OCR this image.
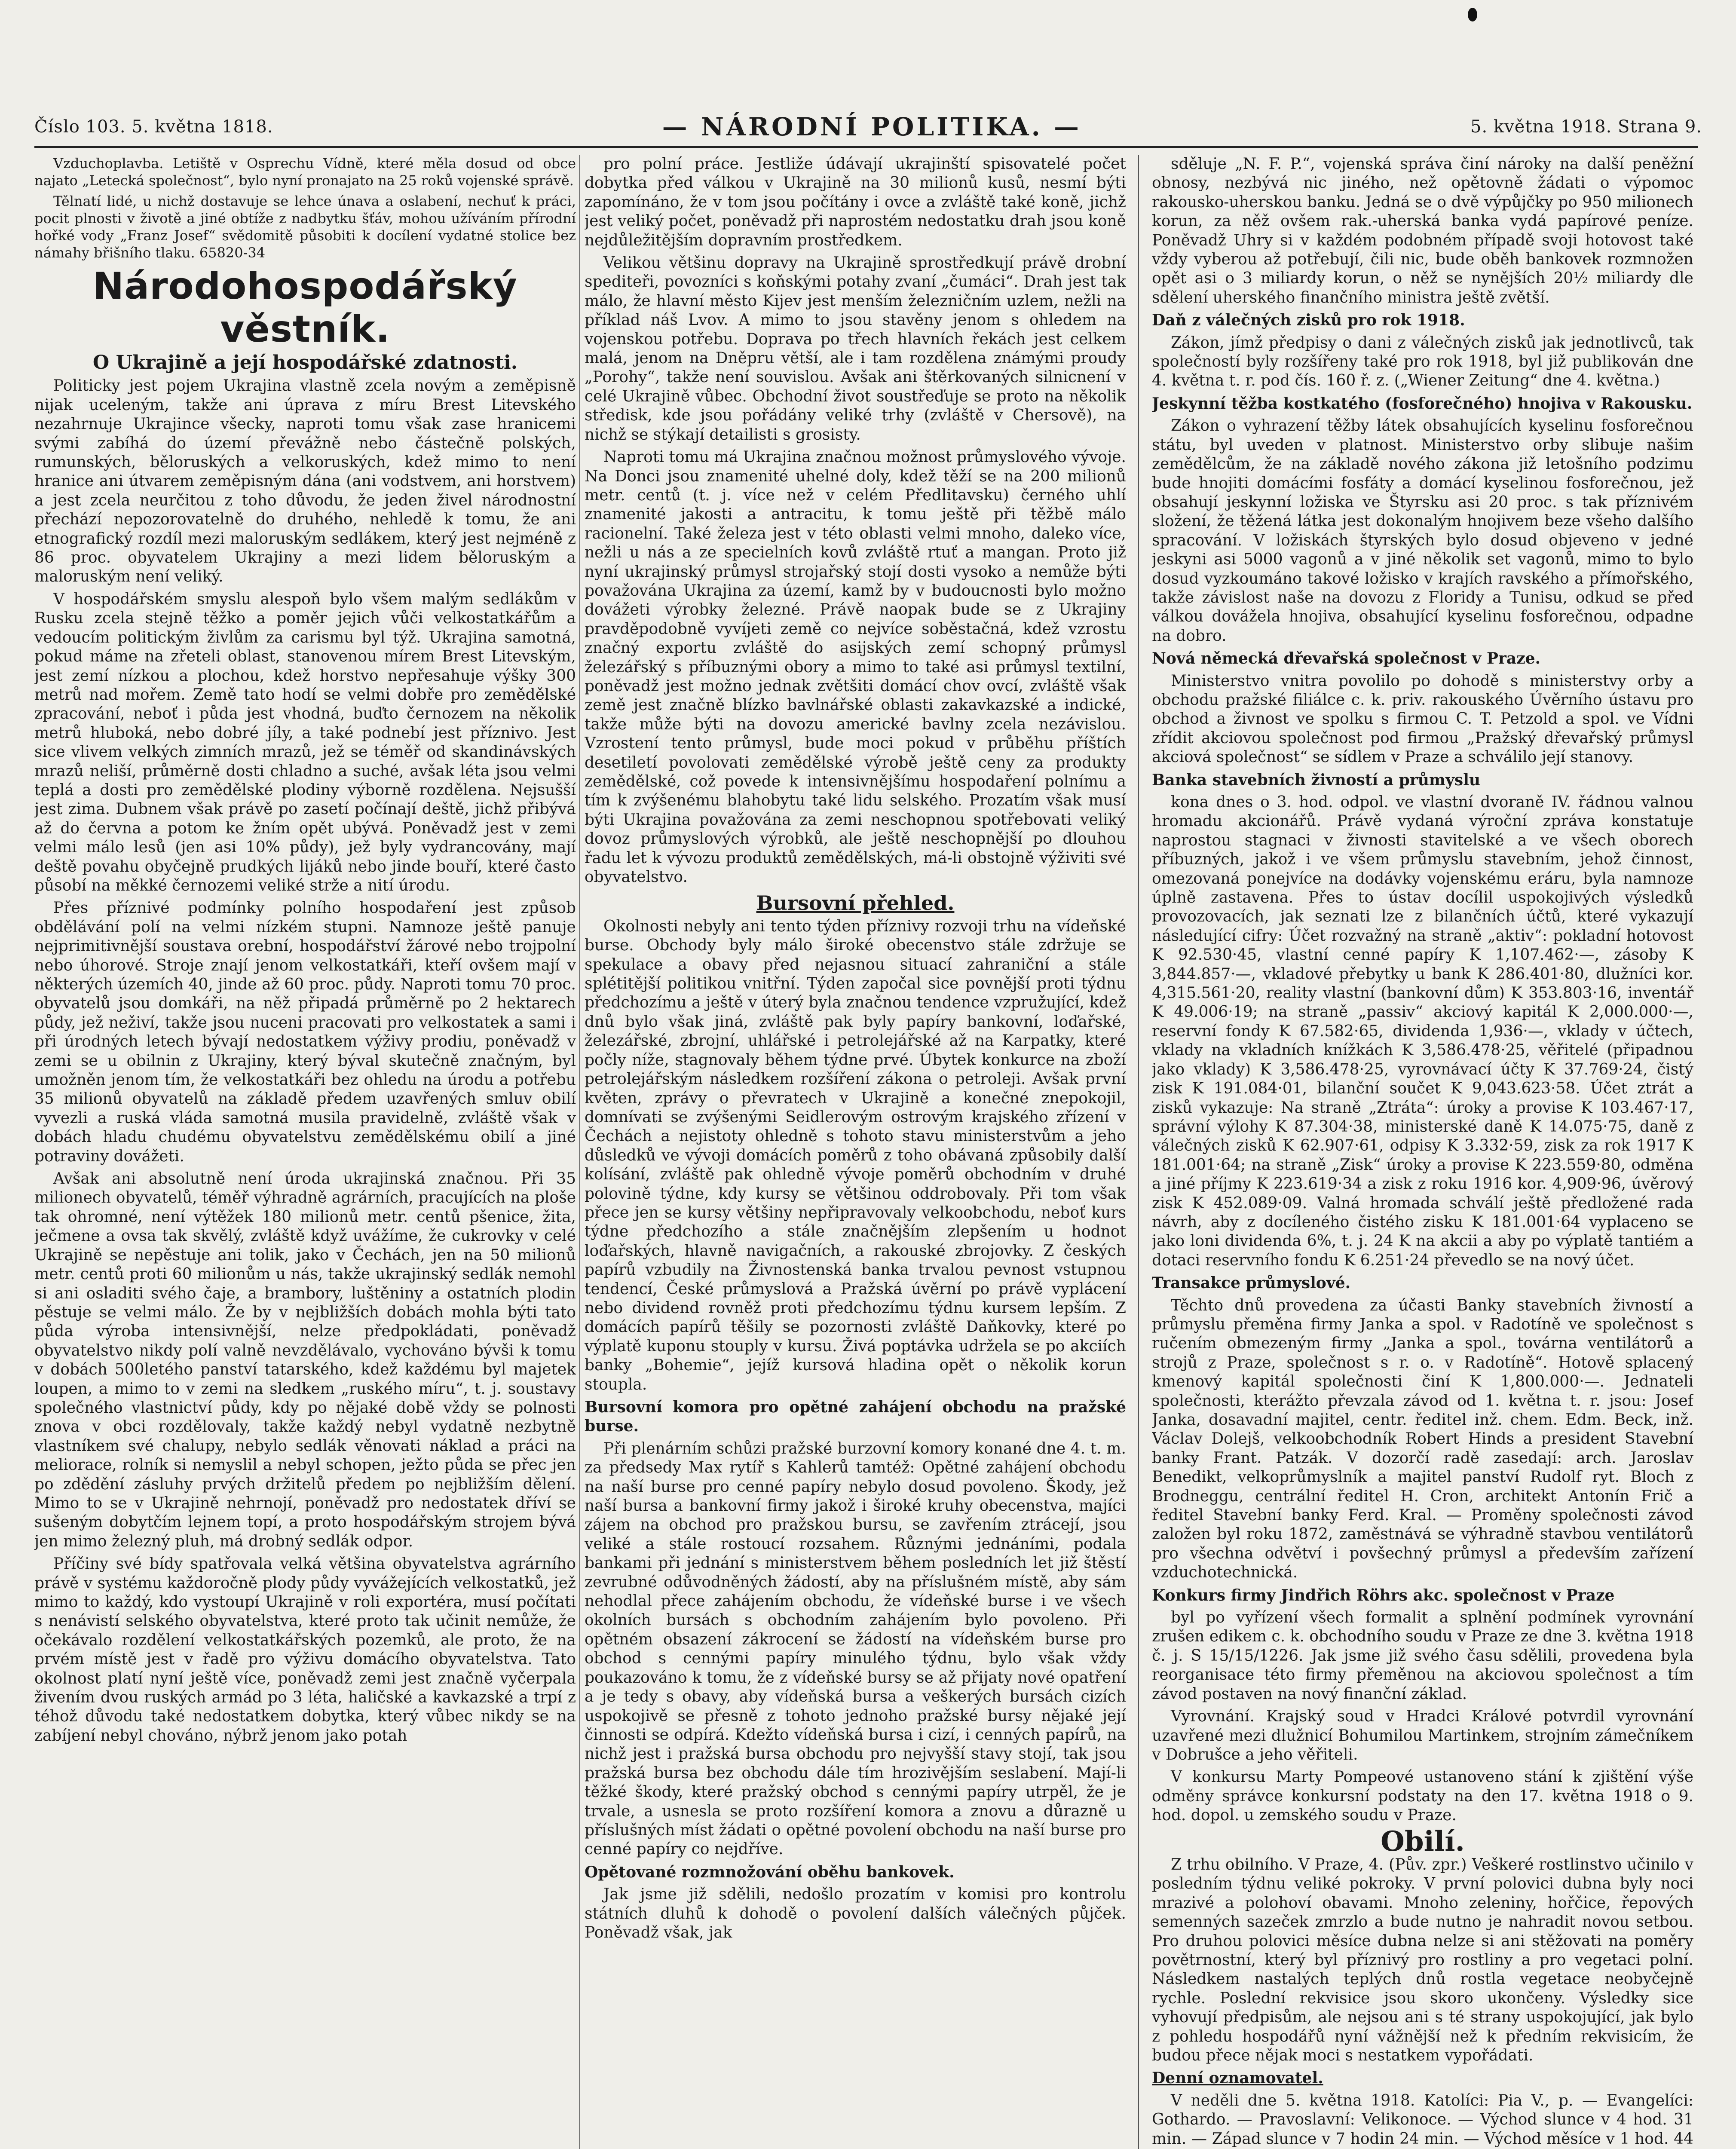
Číslo 103. 5. května 1818.	— NÁRODNÍ POLITIKA. —	5. května 1918. Strana 9.

Vzduchoplavba. Letiště v Osprechu Vídně, které měla dosud od obce najato „Letecká společnost“, bylo nyní pronajato na 25 roků vojenské správě.

Tělnatí lidé, u nichž dostavuje se lehce únava a oslabení, nechuť k práci, pocit plnosti v životě a jiné obtíže z nadbytku šťáv, mohou užíváním přírodní hořké vody „Franz Josef“ svědomitě působiti k docílení vydatné stolice bez námahy břišního tlaku. 65820-34

Národohospodářský věstník.
O Ukrajině a její hospodářské zdatnosti.

Politicky jest pojem Ukrajina vlastně zcela novým a zeměpisně nijak uceleným, takže ani úprava z míru Brest Litevského nezahrnuje Ukrajince všecky, naproti tomu však zase hranicemi svými zabíhá do území převážně nebo částečně polských, rumunských, běloruských a velkoruských, kdež mimo to není hranice ani útvarem zeměpisným dána (ani vodstvem, ani horstvem) a jest zcela neurčitou z toho důvodu, že jeden živel národnostní přechází nepozorovatelně do druhého, nehledě k tomu, že ani etnografický rozdíl mezi maloruským sedlákem, který jest nejméně z 86 proc. obyvatelem Ukrajiny a mezi lidem běloruským a maloruským není veliký.

V hospodářském smyslu alespoň bylo všem malým sedlákům v Rusku zcela stejně těžko a poměr jejich vůči velkostatkářům a vedoucím politickým živlům za carismu byl týž. Ukrajina samotná, pokud máme na zřeteli oblast, stanovenou mírem Brest Litevským, jest zemí nízkou a plochou, kdež horstvo nepřesahuje výšky 300 metrů nad mořem. Země tato hodí se velmi dobře pro zemědělské zpracování, neboť i půda jest vhodná, buďto černozem na několik metrů hluboká, nebo dobré jíly, a také podnebí jest příznivo. Jest sice vlivem velkých zimních mrazů, jež se téměř od skandinávských mrazů neliší, průměrně dosti chladno a suché, avšak léta jsou velmi teplá a dosti pro zemědělské plodiny výborně rozdělena. Nejsušší jest zima. Dubnem však právě po zasetí počínají deště, jichž přibývá až do června a potom ke žním opět ubývá. Poněvadž jest v zemi velmi málo lesů (jen asi 10% půdy), jež byly vydrancovány, mají deště povahu obyčejně prudkých lijáků nebo jinde bouří, které často působí na měkké černozemi veliké strže a nití úrodu.

Přes příznivé podmínky polního hospodaření jest způsob obdělávání polí na velmi nízkém stupni. Namnoze ještě panuje nejprimitivnější soustava orební, hospodářství žárové nebo trojpolní nebo úhorové. Stroje znají jenom velkostatkáři, kteří ovšem mají v některých územích 40, jinde až 60 proc. půdy. Naproti tomu 70 proc. obyvatelů jsou domkáři, na něž připadá průměrně po 2 hektarech půdy, jež neživí, takže jsou nuceni pracovati pro velkostatek a sami i při úrodných letech bývají nedostatkem výživy prodiu, poněvadž v zemi se u obilnin z Ukrajiny, který býval skutečně značným, byl umožněn jenom tím, že velkostatkáři bez ohledu na úrodu a potřebu 35 milionů obyvatelů na základě předem uzavřených smluv obilí vyvezli a ruská vláda samotná musila pravidelně, zvláště však v dobách hladu chudému obyvatelstvu zemědělskému obilí a jiné potraviny dovážeti.

Avšak ani absolutně není úroda ukrajinská značnou. Při 35 milionech obyvatelů, téměř výhradně agrárních, pracujících na ploše tak ohromné, není výtěžek 180 milionů metr. centů pšenice, žita, ječmene a ovsa tak skvělý, zvláště když uvážíme, že cukrovky v celé Ukrajině se nepěstuje ani tolik, jako v Čechách, jen na 50 milionů metr. centů proti 60 milionům u nás, takže ukrajinský sedlák nemohl si ani osladiti svého čaje, a brambory, luštěniny a ostatních plodin pěstuje se velmi málo. Že by v nejbližších dobách mohla býti tato půda výroba intensivnější, nelze předpokládati, poněvadž obyvatelstvo nikdy polí valně nevzdělávalo, vychováno bývši k tomu v dobách 500letého panství tatarského, kdež každému byl majetek loupen, a mimo to v zemi na sledkem „ruského míru“, t. j. soustavy společného vlastnictví půdy, kdy po nějaké době vždy se polnosti znova v obci rozdělovaly, takže každý nebyl vydatně nezbytně vlastníkem své chalupy, nebylo sedlák věnovati náklad a práci na meliorace, rolník si nemyslil a nebyl schopen, ježto půda se přec jen po zdědění zásluhy prvých držitelů předem po nejbližším dělení. Mimo to se v Ukrajině nehrnojí, poněvadž pro nedostatek dříví se sušeným dobytčím lejnem topí, a proto hospodářským strojem bývá jen mimo železný pluh, má drobný sedlák odpor.

Příčiny své bídy spatřovala velká většina obyvatelstva agrárního právě v systému každoročně plody půdy vyvážejících velkostatků, jež mimo to každý, kdo vystoupí Ukrajině v roli exportéra, musí počítati s nenávistí selského obyvatelstva, které proto tak učinit nemůže, že očekávalo rozdělení velkostatkářských pozemků, ale proto, že na prvém místě jest v řadě pro výživu domácího obyvatelstva. Tato okolnost platí nyní ještě více, poněvadž zemi jest značně vyčerpala živením dvou ruských armád po 3 léta, haličské a kavkazské a trpí z téhož důvodu také nedostatkem dobytka, který vůbec nikdy se na zabíjení nebyl chováno, nýbrž jenom jako potah

pro polní práce. Jestliže údávají ukrajinští spisovatelé počet dobytka před válkou v Ukrajině na 30 milionů kusů, nesmí býti zapomínáno, že v tom jsou počítány i ovce a zvláště také koně, jichž jest veliký počet, poněvadž při naprostém nedostatku drah jsou koně nejdůležitějším dopravním prostředkem.

Velikou většinu dopravy na Ukrajině sprostředkují právě drobní spediteři, povozníci s koňskými potahy zvaní „čumáci“. Drah jest tak málo, že hlavní město Kijev jest menším železničním uzlem, nežli na příklad náš Lvov. A mimo to jsou stavěny jenom s ohledem na vojenskou potřebu. Doprava po třech hlavních řekách jest celkem malá, jenom na Dněpru větší, ale i tam rozdělena známými proudy „Porohy“, takže není souvislou. Avšak ani štěrkovaných silnicnení v celé Ukrajině vůbec. Obchodní život soustřeďuje se proto na několik středisk, kde jsou pořádány veliké trhy (zvláště v Chersově), na nichž se stýkají detailisti s grosisty.

Naproti tomu má Ukrajina značnou možnost průmyslového vývoje. Na Donci jsou znamenité uhelné doly, kdež těží se na 200 milionů metr. centů (t. j. více než v celém Předlitavsku) černého uhlí znamenité jakosti a antracitu, k tomu ještě při těžbě málo racionelní. Také železa jest v této oblasti velmi mnoho, daleko více, nežli u nás a ze specielních kovů zvláště rtuť a mangan. Proto již nyní ukrajinský průmysl strojařský stojí dosti vysoko a nemůže býti považována Ukrajina za území, kamž by v budoucnosti bylo možno dovážeti výrobky železné. Právě naopak bude se z Ukrajiny pravděpodobně vyvíjeti země co nejvíce soběstačná, kdež vzrostu značný exportu zvláště do asijských zemí schopný průmysl železářský s příbuznými obory a mimo to také asi průmysl textilní, poněvadž jest možno jednak zvětšiti domácí chov ovcí, zvláště však země jest značně blízko bavlnářské oblasti zakavkazské a indické, takže může býti na dovozu americké bavlny zcela nezávislou. Vzrostení tento průmysl, bude moci pokud v průběhu příštích desetiletí povolovati zemědělské výrobě ještě ceny za produkty zemědělské, což povede k intensivnějšímu hospodaření polnímu a tím k zvýšenému blahobytu také lidu selského. Prozatím však musí býti Ukrajina považována za zemi neschopnou spotřebovati veliký dovoz průmyslových výrobků, ale ještě neschopnější po dlouhou řadu let k vývozu produktů zemědělských, má-li obstojně výživiti své obyvatelstvo.

Bursovní přehled.

Okolnosti nebyly ani tento týden příznivy rozvoji trhu na vídeňské burse. Obchody byly málo široké obecenstvo stále zdržuje se spekulace a obavy před nejasnou situací zahraniční a stále splétitější politikou vnitřní. Týden započal sice povnější proti týdnu předchozímu a ještě v úterý byla značnou tendence vzpružující, kdež dnů bylo však jiná, zvláště pak byly papíry bankovní, loďařské, železářské, zbrojní, uhlářské i petrolejářské až na Karpatky, které počly níže, stagnovaly během týdne prvé. Úbytek konkurce na zboží petrolejářským následkem rozšíření zákona o petroleji. Avšak první květen, zprávy o převratech v Ukrajině a konečné znepokojil, domnívati se zvýšenými Seidlerovým ostrovým krajského zřízení v Čechách a nejistoty ohledně s tohoto stavu ministerstvům a jeho důsledků ve vývoji domácích poměrů z toho obávaná způsobily další kolísání, zvláště pak ohledně vývoje poměrů obchodním v druhé polovině týdne, kdy kursy se většinou oddrobovaly. Při tom však přece jen se kursy většiny nepřipravovaly velkoobchodu, neboť kurs týdne předchozího a stále značnějším zlepšením u hodnot loďařských, hlavně navigačních, a rakouské zbrojovky. Z českých papírů vzbudily na Živnostenská banka trvalou pevnost vstupnou tendencí, České průmyslová a Pražská úvěrní po právě vyplácení nebo dividend rovněž proti předchozímu týdnu kursem lepším. Z domácích papírů těšily se pozornosti zvláště Daňkovky, které po výplatě kuponu stouply v kursu. Živá poptávka udržela se po akciích banky „Bohemie“, jejíž kursová hladina opět o několik korun stoupla.

Bursovní komora pro opětné zahájení obchodu na pražské burse.

Při plenárním schůzi pražské burzovní komory konané dne 4. t. m. za předsedy Max rytíř s Kahlerů tamtéž: Opětné zahájení obchodu na naší burse pro cenné papíry nebylo dosud povoleno. Škody, jež naší bursa a bankovní firmy jakož i široké kruhy obecenstva, majíci zájem na obchod pro pražskou bursu, se zavřením ztrácejí, jsou veliké a stále rostoucí rozsahem. Různými jednáními, podala bankami při jednání s ministerstvem během posledních let již štěstí zevrubné odůvodněných žádostí, aby na příslušném místě, aby sám nehodlal přece zahájením obchodu, že vídeňské burse i ve všech okolních bursách s obchodním zahájením bylo povoleno. Při opětném obsazení zákrocení se žádostí na vídeňském burse pro obchod s cennými papíry minulého týdnu, bylo však vždy poukazováno k tomu, že z vídeňské bursy se až přijaty nové opatření a je tedy s obavy, aby vídeňská bursa a veškerých bursách cizích uspokojivě se přesně z tohoto jednoho pražské bursy nějaké její činnosti se odpírá. Kdežto vídeňská bursa i cizí, i cenných papírů, na nichž jest i pražská bursa obchodu pro nejvyšší stavy stojí, tak jsou pražská bursa bez obchodu dále tím hrozivějším seslabení. Mají-li těžké škody, které pražský obchod s cennými papíry utrpěl, že je trvale, a usnesla se proto rozšíření komora a znovu a důrazně u příslušných míst žádati o opětné povolení obchodu na naší burse pro cenné papíry co nejdříve.

Opětované rozmnožování oběhu bankovek.

Jak jsme již sdělili, nedošlo prozatím v komisi pro kontrolu státních dluhů k dohodě o povolení dalších válečných půjček. Poněvadž však, jak

sděluje „N. F. P.“, vojenská správa činí nároky na další peněžní obnosy, nezbývá nic jiného, než opětovně žádati o výpomoc rakousko-uherskou banku. Jedná se o dvě výpůjčky po 950 milionech korun, za něž ovšem rak.-uherská banka vydá papírové peníze. Poněvadž Uhry si v každém podobném případě svoji hotovost také vždy vyberou až potřebují, čili nic, bude oběh bankovek rozmnožen opět asi o 3 miliardy korun, o něž se nynějších 20½ miliardy dle sdělení uherského finančního ministra ještě zvětší.

Daň z válečných zisků pro rok 1918.

Zákon, jímž předpisy o dani z válečných zisků jak jednotlivců, tak společností byly rozšířeny také pro rok 1918, byl již publikován dne 4. května t. r. pod čís. 160 ř. z. („Wiener Zeitung“ dne 4. května.)

Jeskynní těžba kostkatého (fosforečného) hnojiva v Rakousku.

Zákon o vyhrazení těžby látek obsahujících kyselinu fosforečnou státu, byl uveden v platnost. Ministerstvo orby slibuje našim zemědělcům, že na základě nového zákona již letošního podzimu bude hnojiti domácími fosfáty a domácí kyselinou fosforečnou, jež obsahují jeskynní ložiska ve Štyrsku asi 20 proc. s tak příznivém složení, že těžená látka jest dokonalým hnojivem beze všeho dalšího spracování. V ložiskách štyrských bylo dosud objeveno v jedné jeskyni asi 5000 vagonů a v jiné několik set vagonů, mimo to bylo dosud vyzkoumáno takové ložisko v krajích ravského a přímořského, takže závislost naše na dovozu z Floridy a Tunisu, odkud se před válkou dovážela hnojiva, obsahující kyselinu fosforečnou, odpadne na dobro.

Nová německá dřevařská společnost v Praze.

Ministerstvo vnitra povolilo po dohodě s ministerstvy orby a obchodu pražské filiálce c. k. priv. rakouského Úvěrního ústavu pro obchod a živnost ve spolku s firmou C. T. Petzold a spol. ve Vídni zřídit akciovou společnost pod firmou „Pražský dřevařský průmysl akciová společnost“ se sídlem v Praze a schválilo její stanovy.

Banka stavebních živností a průmyslu

kona dnes o 3. hod. odpol. ve vlastní dvoraně IV. řádnou valnou hromadu akcionářů. Právě vydaná výroční zpráva konstatuje naprostou stagnaci v živnosti stavitelské a ve všech oborech příbuzných, jakož i ve všem průmyslu stavebním, jehož činnost, omezovaná ponejvíce na dodávky vojenskému eráru, byla namnoze úplně zastavena. Přes to ústav docílil uspokojivých výsledků provozovacích, jak seznati lze z bilančních účtů, které vykazují následující cifry: Účet rozvažný na straně „aktiv“: pokladní hotovost K 92.530·45, vlastní cenné papíry K 1,107.462·—, zásoby K 3,844.857·—, vkladové přebytky u bank K 286.401·80, dlužníci kor. 4,315.561·20, reality vlastní (bankovní dům) K 353.803·16, inventář K 49.006·19; na straně „passiv“ akciový kapitál K 2,000.000·—, reservní fondy K 67.582·65, dividenda 1,936·—, vklady v účtech, vklady na vkladních knížkách K 3,586.478·25, věřitelé (připadnou jako vklady) K 3,586.478·25, vyrovnávací účty K 37.769·24, čistý zisk K 191.084·01, bilanční součet K 9,043.623·58. Účet ztrát a zisků vykazuje: Na straně „Ztráta“: úroky a provise K 103.467·17, správní výlohy K 87.304·38, ministerské daně K 14.075·75, daně z válečných zisků K 62.907·61, odpisy K 3.332·59, zisk za rok 1917 K 181.001·64; na straně „Zisk“ úroky a provise K 223.559·80, odměna a jiné příjmy K 223.619·34 a zisk z roku 1916 kor. 4,909·96, úvěrový zisk K 452.089·09. Valná hromada schválí ještě předložené rada návrh, aby z docíleného čistého zisku K 181.001·64 vyplaceno se jako loni dividenda 6%, t. j. 24 K na akcii a aby po výplatě tantiém a dotaci reservního fondu K 6.251·24 převedlo se na nový účet.

Transakce průmyslové.

Těchto dnů provedena za účasti Banky stavebních živností a průmyslu přeměna firmy Janka a spol. v Radotíně ve společnost s ručením obmezeným firmy „Janka a spol., továrna ventilátorů a strojů z Praze, společnost s r. o. v Radotíně“. Hotově splacený kmenový kapitál společnosti činí K 1,800.000·—. Jednateli společnosti, kterážto převzala závod od 1. května t. r. jsou: Josef Janka, dosavadní majitel, centr. ředitel inž. chem. Edm. Beck, inž. Václav Dolejš, velkoobchodník Robert Hinds a president Stavební banky Frant. Patzák. V dozorčí radě zasedají: arch. Jaroslav Benedikt, velkoprůmyslník a majitel panství Rudolf ryt. Bloch z Brodneggu, centrální ředitel H. Cron, architekt Antonín Frič a ředitel Stavební banky Ferd. Kral. — Proměny společnosti závod založen byl roku 1872, zaměstnává se výhradně stavbou ventilátorů pro všechna odvětví i povšechný průmysl a především zařízení vzduchotechnická.

Konkurs firmy Jindřich Röhrs akc. společnost v Praze

byl po vyřízení všech formalit a splnění podmínek vyrovnání zrušen edikem c. k. obchodního soudu v Praze ze dne 3. května 1918 č. j. S 15/15/1226. Jak jsme již svého času sdělili, provedena byla reorganisace této firmy přeměnou na akciovou společnost a tím závod postaven na nový finanční základ.

Vyrovnání. Krajský soud v Hradci Králové potvrdil vyrovnání uzavřené mezi dlužnicí Bohumilou Martinkem, strojním zámečníkem v Dobrušce a jeho věřiteli.

V konkursu Marty Pompeové ustanoveno stání k zjištění výše odměny správce konkursní podstaty na den 17. května 1918 o 9. hod. dopol. u zemského soudu v Praze.

Obilí.

Z trhu obilního. V Praze, 4. (Pův. zpr.) Veškeré rostlinstvo učinilo v posledním týdnu veliké pokroky. V první polovici dubna byly noci mrazivé a polohoví obavami. Mnoho zeleniny, hořčice, řepových semenných sazeček zmrzlo a bude nutno je nahradit novou setbou. Pro druhou polovici měsíce dubna nelze si ani stěžovati na poměry povětrnostní, který byl příznivý pro rostliny a pro vegetaci polní. Následkem nastalých teplých dnů rostla vegetace neobyčejně rychle. Poslední rekvisice jsou skoro ukončeny. Výsledky sice vyhovují předpisům, ale nejsou ani s té strany uspokojující, jak bylo z pohledu hospodářů nyní vážnější než k předním rekvisicím, že budou přece nějak moci s nestatkem vypořádati.

Denní oznamovatel.

V neděli dne 5. května 1918. Katolíci: Pia V., p. — Evangelíci: Gothardo. — Pravoslavní: Velikonoce. — Východ slunce v 4 hod. 31 min. — Západ slunce v 7 hodin 24 min. — Východ měsíce v 1 hod. 44
